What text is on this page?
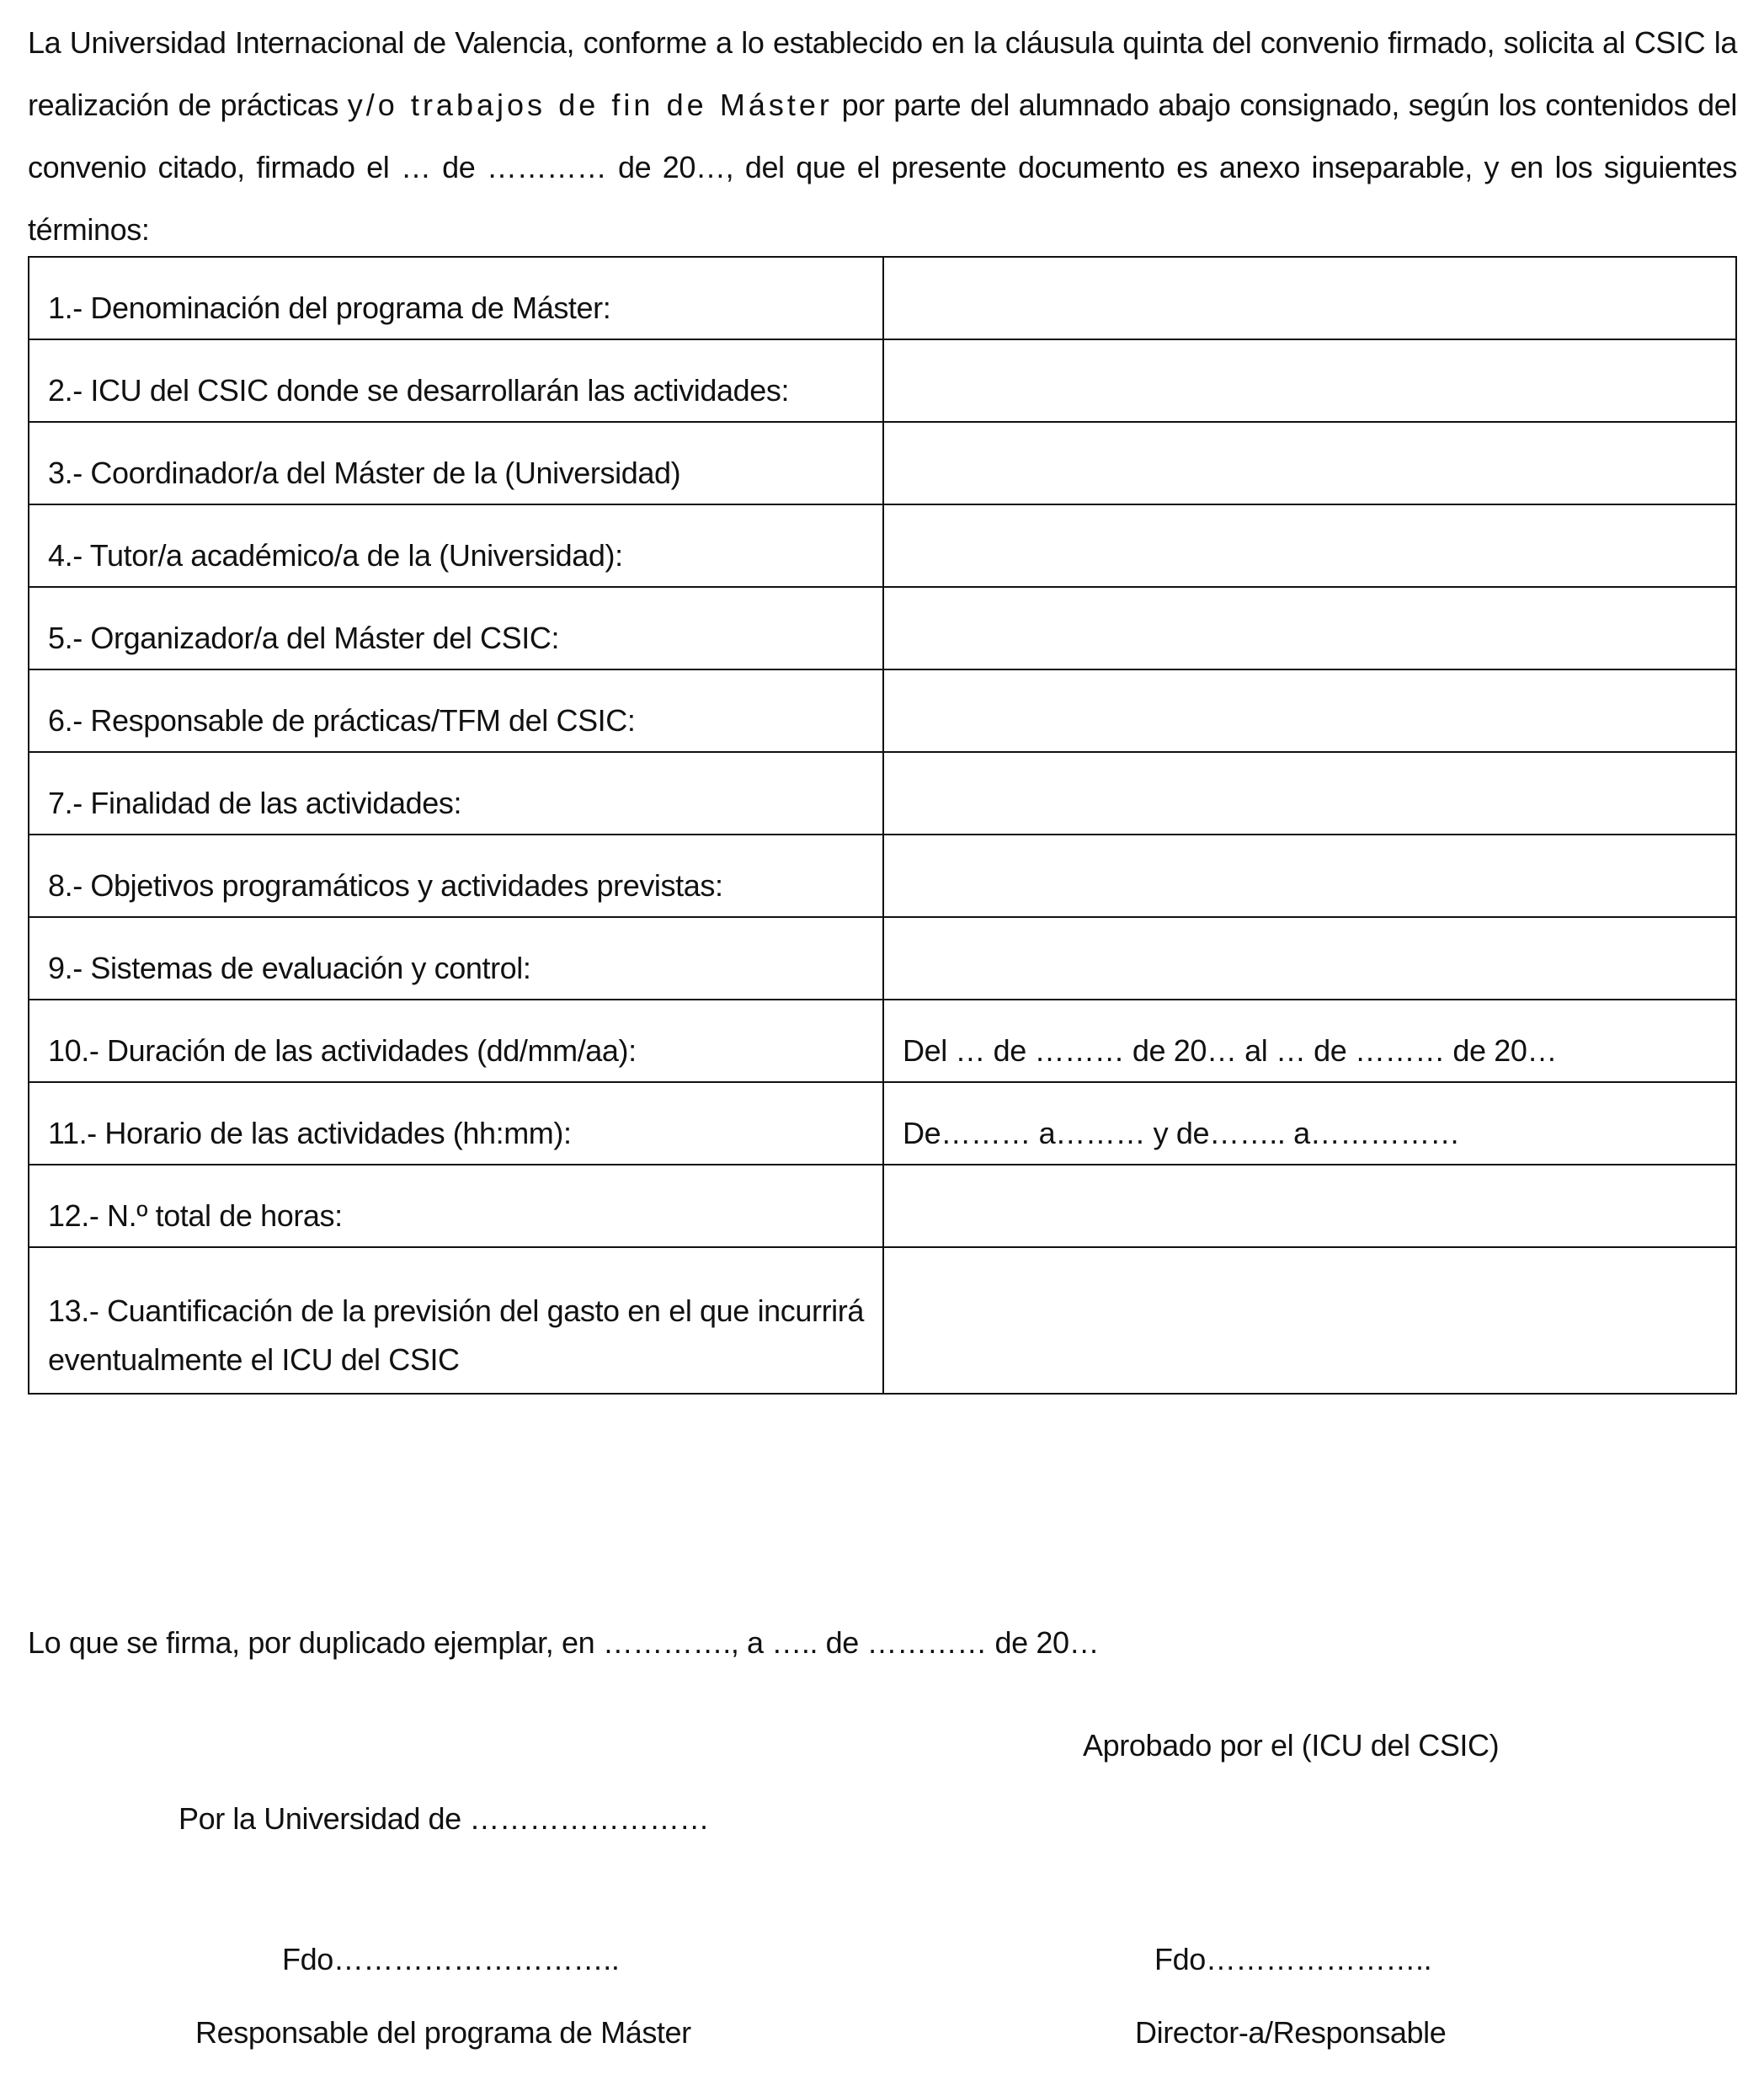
La Universidad Internacional de Valencia, conforme a lo establecido en la cláusula quinta del convenio firmado, solicita al CSIC la realización de prácticas y/o trabajos de fin de Máster por parte del alumnado abajo consignado, según los contenidos del convenio citado, firmado el … de ………… de 20…, del que el presente documento es anexo inseparable, y en los siguientes términos:

1.- Denominación del programa de Máster:	
2.- ICU del CSIC donde se desarrollarán las actividades:	
3.- Coordinador/a del Máster de la (Universidad)	
4.- Tutor/a académico/a de la (Universidad):	
5.- Organizador/a del Máster del CSIC:	
6.- Responsable de prácticas/TFM del CSIC:	
7.- Finalidad de las actividades:	
8.- Objetivos programáticos y actividades previstas:	
9.- Sistemas de evaluación y control:	
10.- Duración de las actividades (dd/mm/aa):	Del … de ……… de 20… al … de ……… de 20…
11.- Horario de las actividades (hh:mm):	De……… a……… y de…….. a……………
12.- N.º total de horas:	
13.- Cuantificación de la previsión del gasto en el que incurrirá eventualmente el ICU del CSIC	
Lo que se firma, por duplicado ejemplar, en …………., a ….. de ………… de 20…
Aprobado por el (ICU del CSIC)
Por la Universidad de ……………………
Fdo………………………..	Fdo…………………..
Responsable del programa de Máster	Director-a/Responsable
